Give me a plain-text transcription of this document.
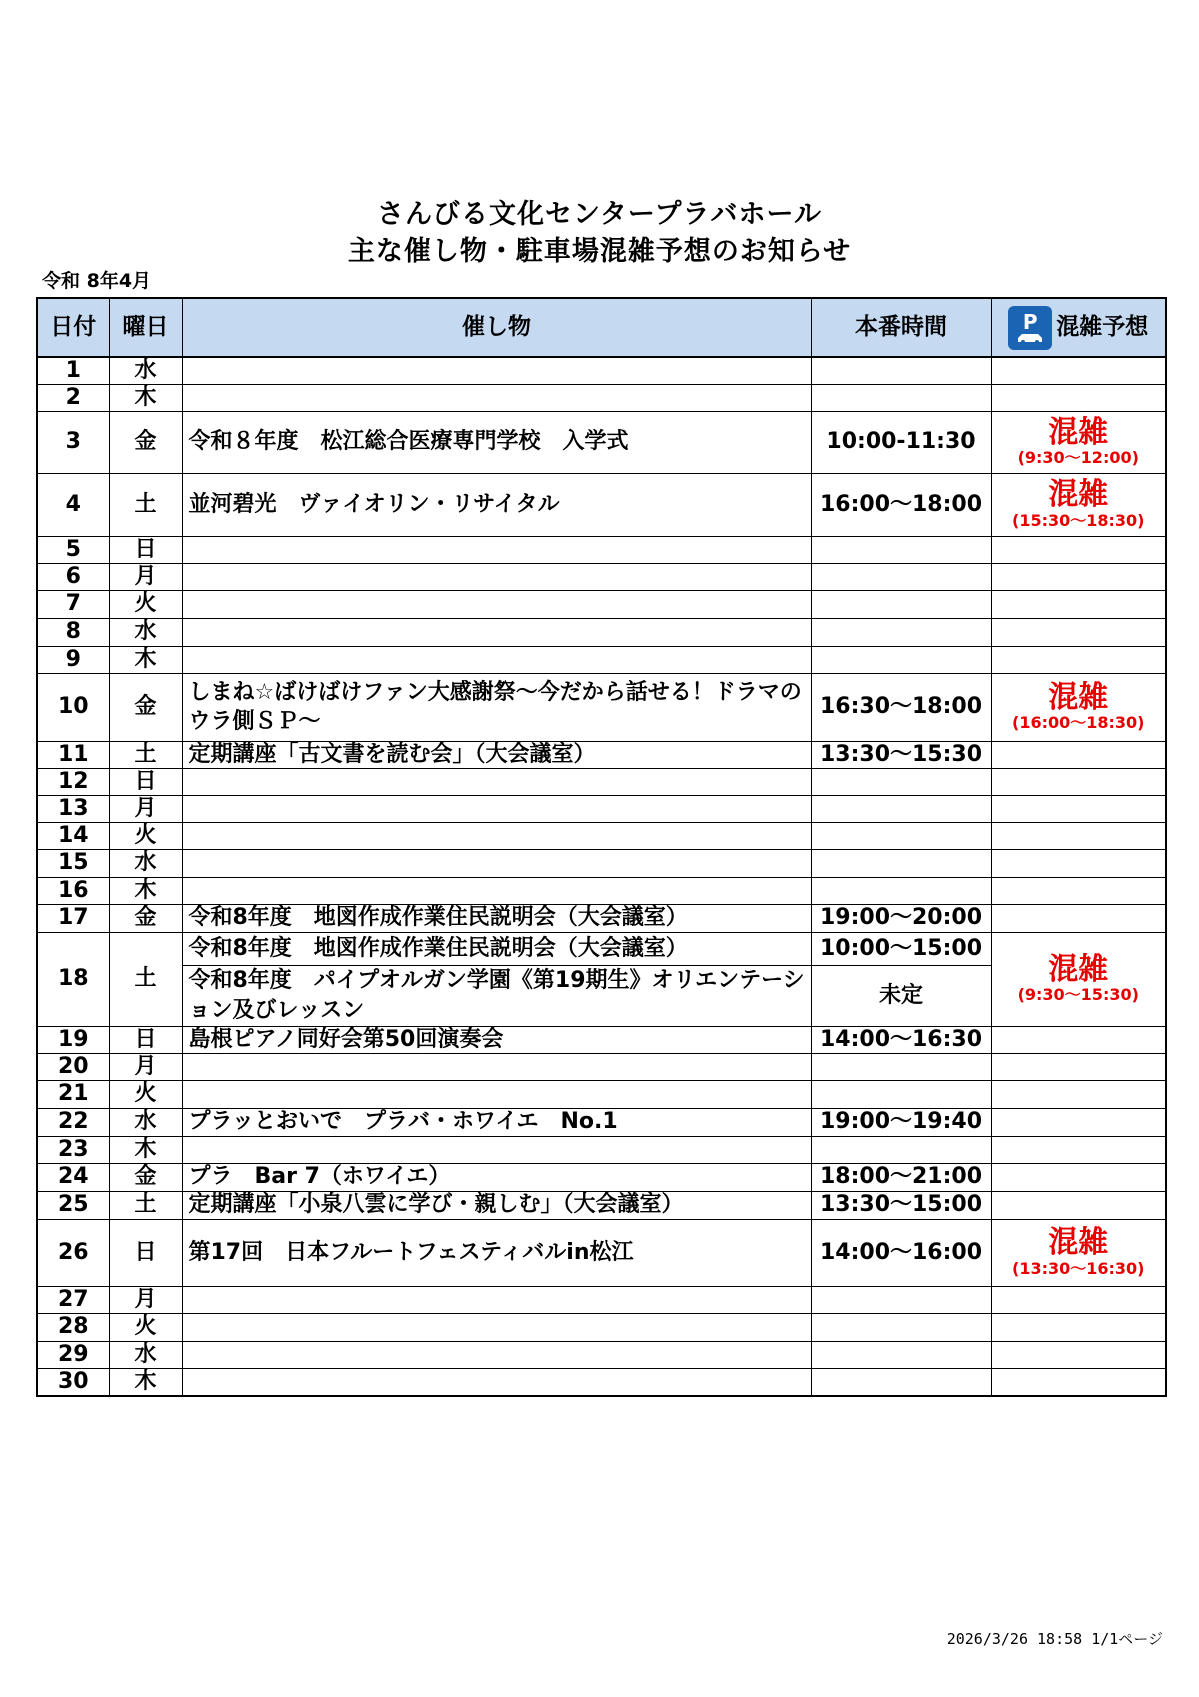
さんびる文化センタープラバホール
主な催し物・駐車場混雑予想のお知らせ
令和 8年4月
日付	曜日	催し物	本番時間	P 混雑予想

1	水			
2	木			
3	金	令和８年度　松江総合医療専門学校　入学式	10:00-11:30	混雑
(9:30～12:00)

4	土	並河碧光　ヴァイオリン・リサイタル	16:00～18:00	混雑
(15:30～18:30)

5	日			
6	月			
7	火			
8	水			
9	木			
10	金	しまね☆ばけばけファン大感謝祭～今だから話せる！ドラマのウラ側ＳＰ～	16:30～18:00	混雑
(16:00～18:30)

11	土	定期講座「古文書を読む会」（大会議室）	13:30～15:30	
12	日			
13	月			
14	火			
15	水			
16	木			
17	金	令和8年度　地図作成作業住民説明会（大会議室）	19:00～20:00	
18	土	令和8年度　地図作成作業住民説明会（大会議室）	10:00～15:00	混雑
(9:30～15:30)

		令和8年度　パイプオルガン学園《第19期生》オリエンテーション及びレッスン	未定	
19	日	島根ピアノ同好会第50回演奏会	14:00～16:30	
20	月			
21	火			
22	水	プラッとおいで　プラバ・ホワイエ　No.1	19:00～19:40	
23	木			
24	金	プラ　Bar 7（ホワイエ）	18:00～21:00	
25	土	定期講座「小泉八雲に学び・親しむ」（大会議室）	13:30～15:00	
26	日	第17回　日本フルートフェスティバルin松江	14:00～16:00	混雑
(13:30～16:30)

27	月			
28	火			
29	水			
30	木			
2026/3/26 18:58 1/1ページ
